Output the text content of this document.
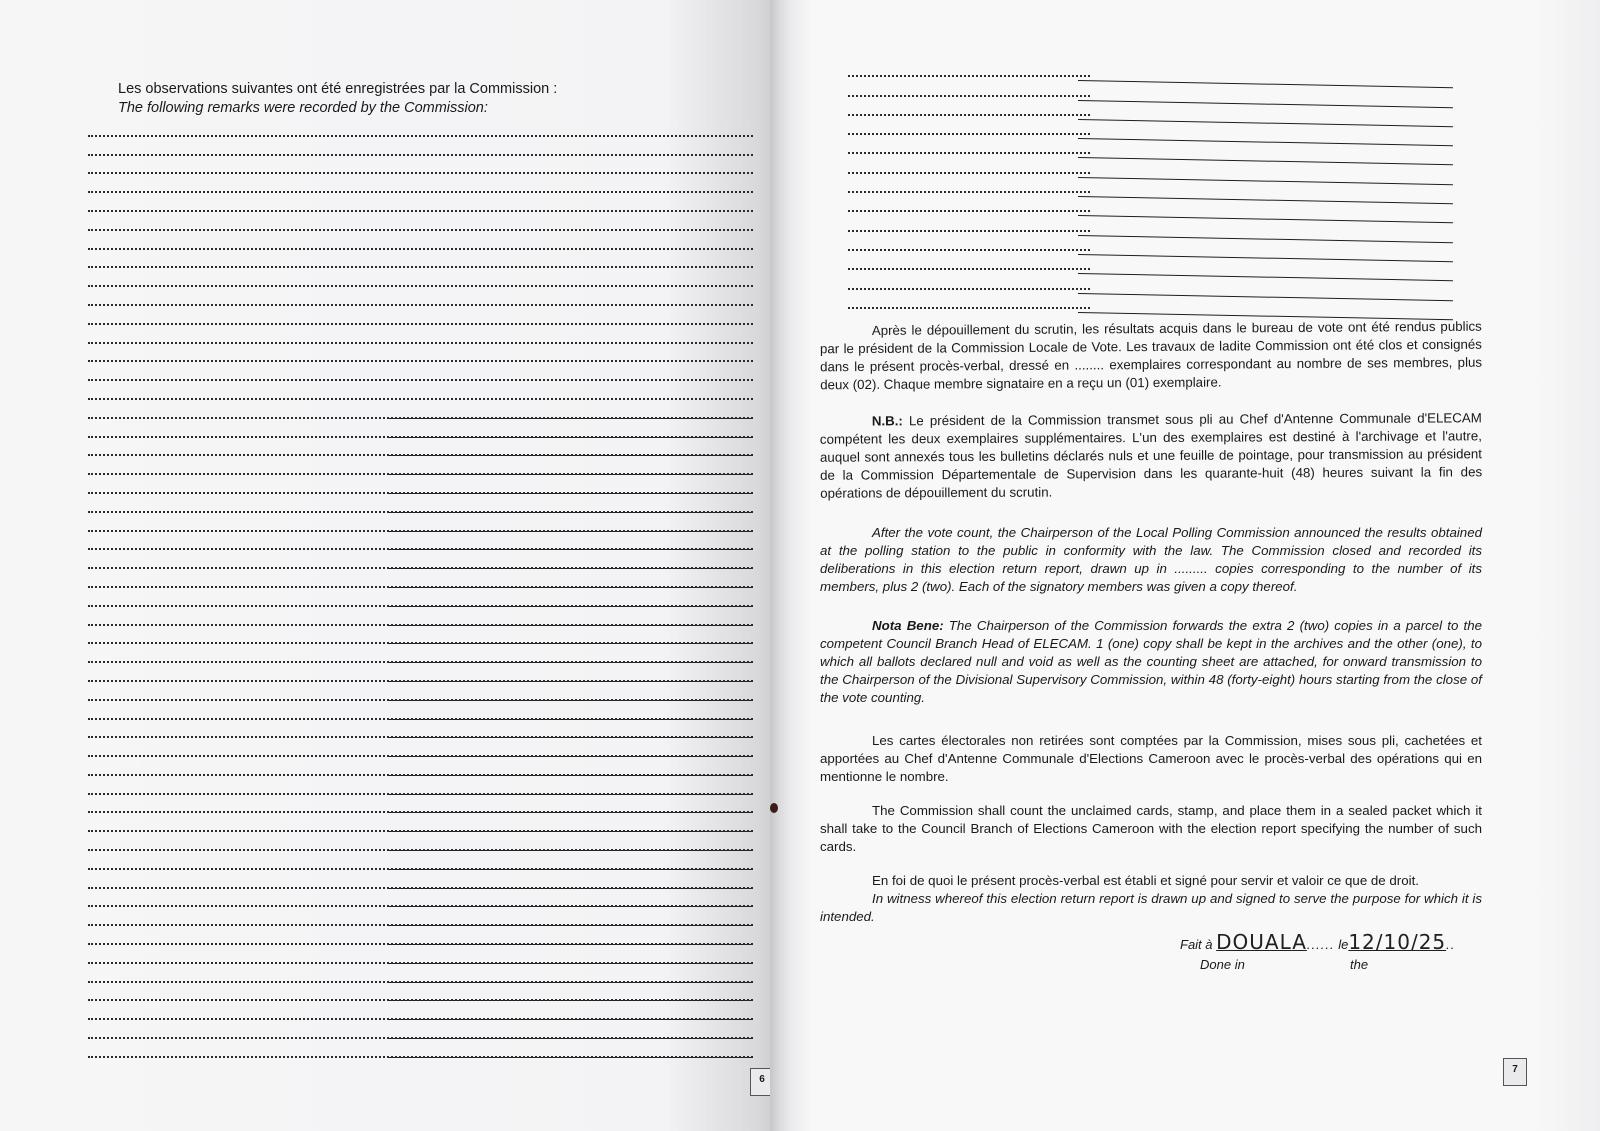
Les observations suivantes ont été enregistrées par la Commission :
The following remarks were recorded by the Commission:
6

Après le dépouillement du scrutin, les résultats acquis dans le bureau de vote ont été rendus publics par le président de la Commission Locale de Vote. Les travaux de ladite Commission ont été clos et consignés dans le présent procès-verbal, dressé en ........ exemplaires correspondant au nombre de ses membres, plus deux (02). Chaque membre signataire en a reçu un (01) exemplaire.

N.B.: Le président de la Commission transmet sous pli au Chef d'Antenne Communale d'ELECAM compétent les deux exemplaires supplémentaires. L'un des exemplaires est destiné à l'archivage et l'autre, auquel sont annexés tous les bulletins déclarés nuls et une feuille de pointage, pour transmission au président de la Commission Départementale de Supervision dans les quarante-huit (48) heures suivant la fin des opérations de dépouillement du scrutin.

After the vote count, the Chairperson of the Local Polling Commission announced the results obtained at the polling station to the public in conformity with the law. The Commission closed and recorded its deliberations in this election return report, drawn up in ......... copies corresponding to the number of its members, plus 2 (two). Each of the signatory members was given a copy thereof.

Nota Bene: The Chairperson of the Commission forwards the extra 2 (two) copies in a parcel to the competent Council Branch Head of ELECAM. 1 (one) copy shall be kept in the archives and the other (one), to which all ballots declared null and void as well as the counting sheet are attached, for onward transmission to the Chairperson of the Divisional Supervisory Commission, within 48 (forty-eight) hours starting from the close of the vote counting.

Les cartes électorales non retirées sont comptées par la Commission, mises sous pli, cachetées et apportées au Chef d'Antenne Communale d'Elections Cameroon avec le procès-verbal des opérations qui en mentionne le nombre.

The Commission shall count the unclaimed cards, stamp, and place them in a sealed packet which it shall take to the Council Branch of Elections Cameroon with the election report specifying the number of such cards.

En foi de quoi le présent procès-verbal est établi et signé pour servir et valoir ce que de droit.

In witness whereof this election return report is drawn up and signed to serve the purpose for which it is intended.

Fait à DOUALA...... le12/10/25..
Done in	the
7
